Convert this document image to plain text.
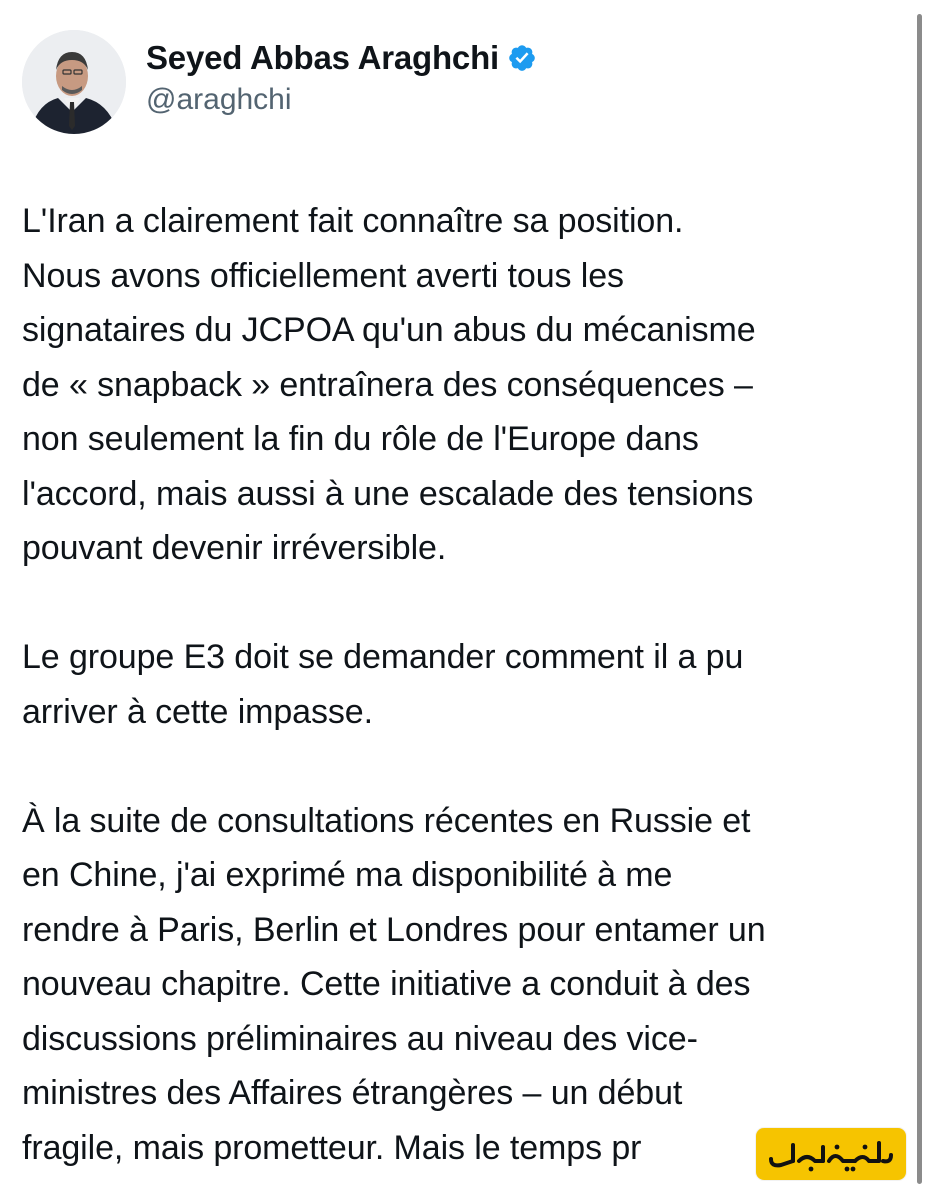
Seyed Abbas Araghchi
@araghchi

L'Iran a clairement fait connaître sa position.
Nous avons officiellement averti tous les
signataires du JCPOA qu'un abus du mécanisme
de « snapback » entraînera des conséquences –
non seulement la fin du rôle de l'Europe dans
l'accord, mais aussi à une escalade des tensions
pouvant devenir irréversible.

Le groupe E3 doit se demander comment il a pu
arriver à cette impasse.

À la suite de consultations récentes en Russie et
en Chine, j'ai exprimé ma disponibilité à me
rendre à Paris, Berlin et Londres pour entamer un
nouveau chapitre. Cette initiative a conduit à des
discussions préliminaires au niveau des vice-
ministres des Affaires étrangères – un début
fragile, mais prometteur. Mais le temps pr
